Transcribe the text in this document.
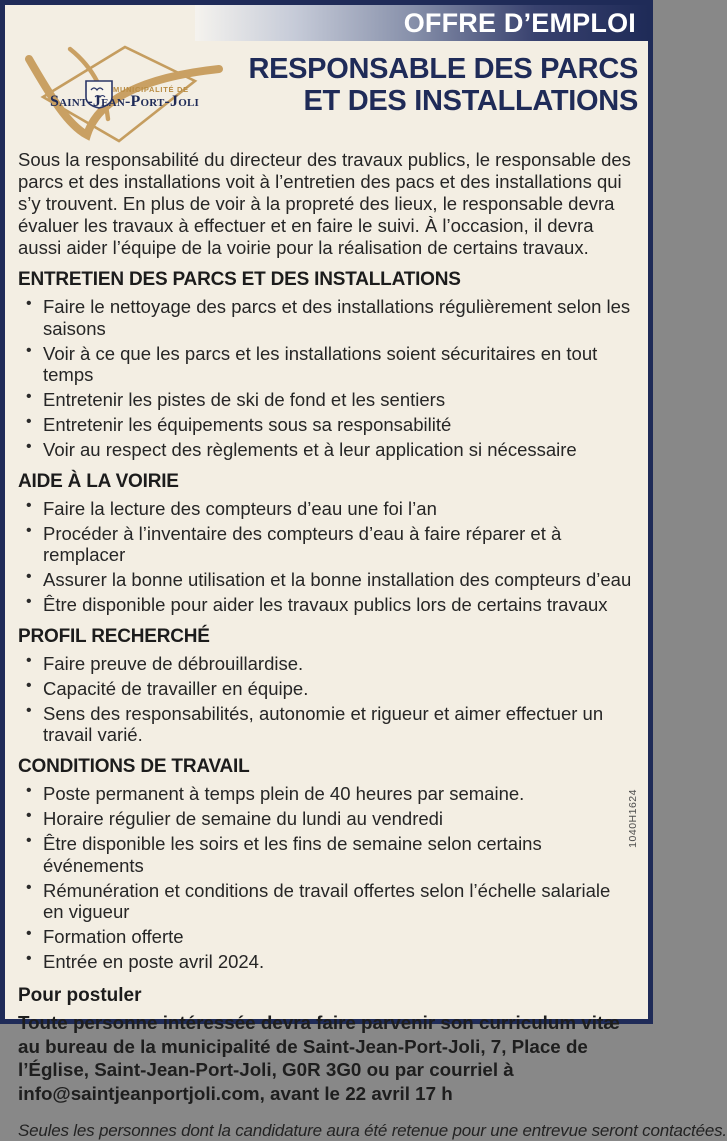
OFFRE D’EMPLOI
MUNICIPALITÉ DE
Saint-Jean-Port-Joli
RESPONSABLE DES PARCS
ET DES INSTALLATIONS

Sous la responsabilité du directeur des travaux publics, le responsable des parcs et des installations voit à l’entretien des pacs et des installations qui s’y trouvent. En plus de voir à la propreté des lieux, le responsable devra évaluer les travaux à effectuer et en faire le suivi. À l’occasion, il devra aussi aider l’équipe de la voirie pour la réalisation de certains travaux.

ENTRETIEN DES PARCS ET DES INSTALLATIONS
• Faire le nettoyage des parcs et des installations régulièrement selon les saisons
• Voir à ce que les parcs et les installations soient sécuritaires en tout temps
• Entretenir les pistes de ski de fond et les sentiers
• Entretenir les équipements sous sa responsabilité
• Voir au respect des règlements et à leur application si nécessaire
AIDE À LA VOIRIE
• Faire la lecture des compteurs d’eau une foi l’an
• Procéder à l’inventaire des compteurs d’eau à faire réparer et à remplacer
• Assurer la bonne utilisation et la bonne installation des compteurs d’eau
• Être disponible pour aider les travaux publics lors de certains travaux
PROFIL RECHERCHÉ
• Faire preuve de débrouillardise.
• Capacité de travailler en équipe.
• Sens des responsabilités, autonomie et rigueur et aimer effectuer un travail varié.
CONDITIONS DE TRAVAIL
• Poste permanent à temps plein de 40 heures par semaine.
• Horaire régulier de semaine du lundi au vendredi
• Être disponible les soirs et les fins de semaine selon certains événements
• Rémunération et conditions de travail offertes selon l’échelle salariale en vigueur
• Formation offerte
• Entrée en poste avril 2024.
Pour postuler

Toute personne intéressée devra faire parvenir son curriculum vitæ au bureau de la municipalité de Saint-Jean-Port-Joli, 7, Place de l’Église, Saint-Jean-Port-Joli, G0R 3G0 ou par courriel à info@saintjeanportjoli.com, avant le 22 avril 17 h

Seules les personnes dont la candidature aura été retenue pour une entrevue seront contactées.
1040H1624
